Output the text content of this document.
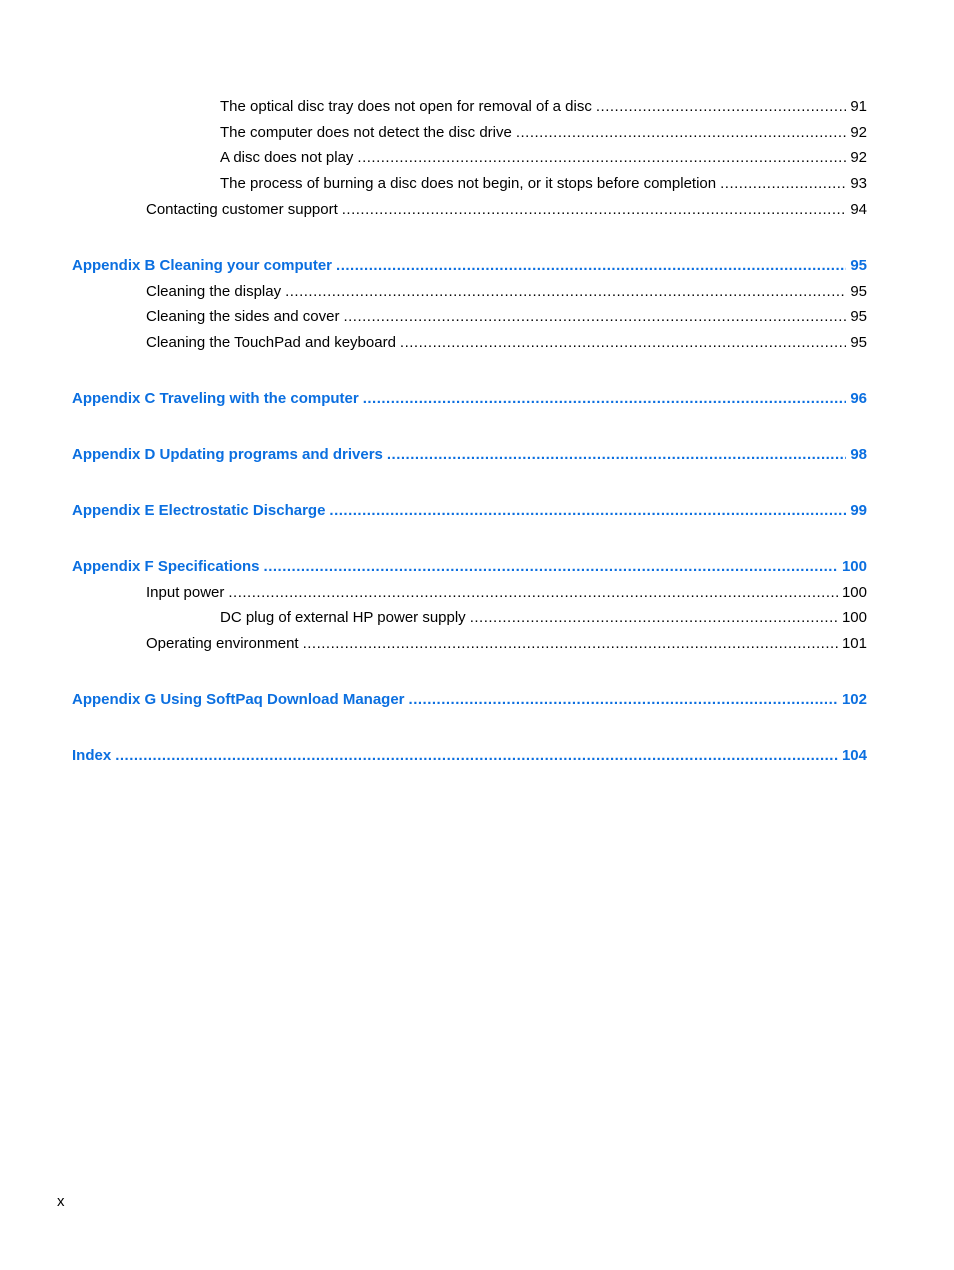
The optical disc tray does not open for removal of a disc .....	91
The computer does not detect the disc drive .....	92
A disc does not play .....	92
The process of burning a disc does not begin, or it stops before completion .....	93
Contacting customer support .....	94
Appendix B Cleaning your computer .....	95
Cleaning the display .....	95
Cleaning the sides and cover .....	95
Cleaning the TouchPad and keyboard .....	95
Appendix C Traveling with the computer .....	96
Appendix D Updating programs and drivers .....	98
Appendix E Electrostatic Discharge .....	99
Appendix F Specifications .....	100
Input power .....	100
DC plug of external HP power supply .....	100
Operating environment .....	101
Appendix G Using SoftPaq Download Manager .....	102
Index .....	104
x
